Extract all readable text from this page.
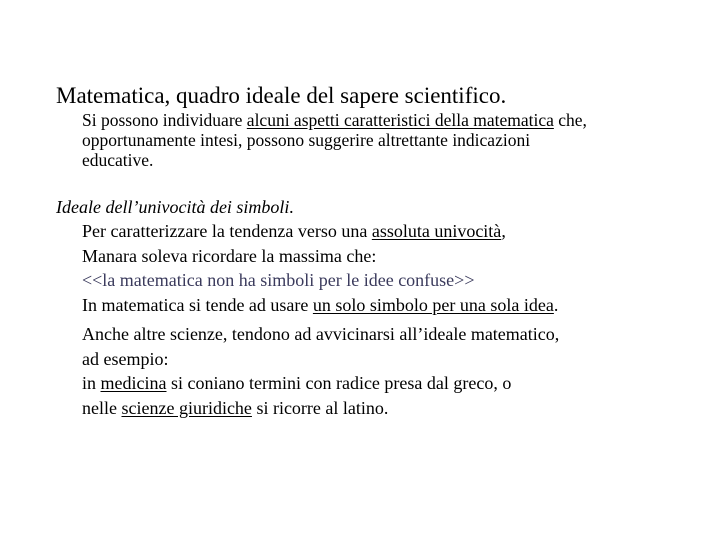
Matematica, quadro ideale del sapere scientifico.
Si possono individuare alcuni aspetti caratteristici della matematica che,
opportunamente intesi, possono suggerire altrettante indicazioni
educative.
Ideale dell’univocità dei simboli.
Per caratterizzare la tendenza verso una assoluta univocità,
Manara soleva ricordare la massima che:
<<la matematica non ha simboli per le idee confuse>>
In matematica si tende ad usare un solo simbolo per una sola idea.
Anche altre scienze, tendono ad avvicinarsi all’ideale matematico,
ad esempio:
in medicina si coniano termini con radice presa dal greco, o
nelle scienze giuridiche si ricorre al latino.
